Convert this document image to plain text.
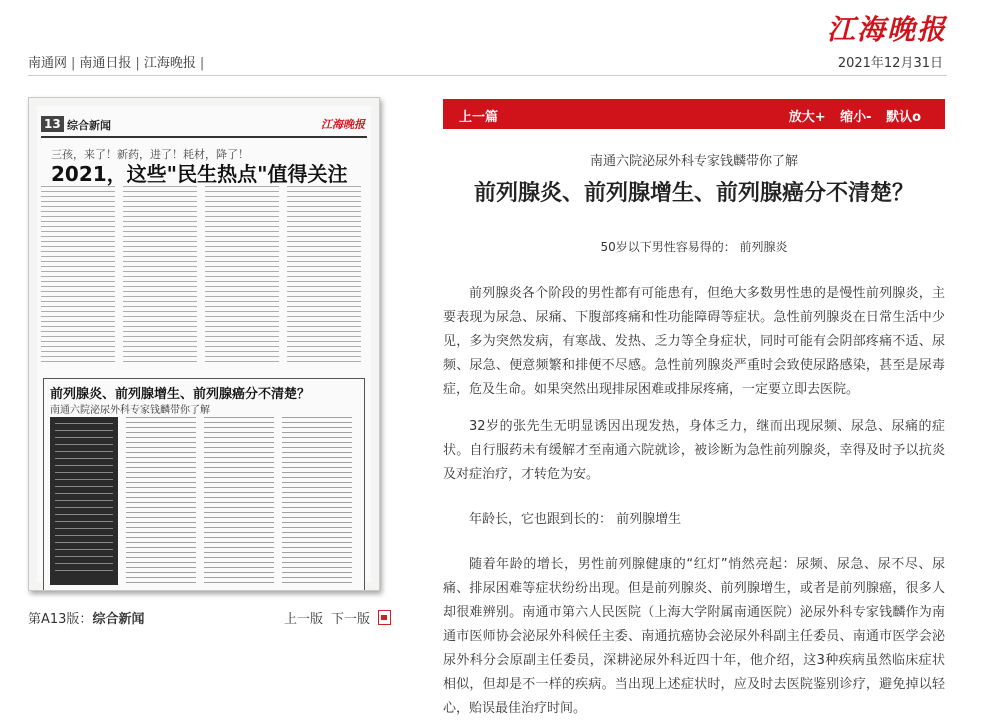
江海晚报
南通网 | 南通日报 | 江海晚报 |	2021年12月31日
13 综合新闻	江海晚报
三孩，来了！新药，进了！耗材，降了！
2021，这些"民生热点"值得关注
前列腺炎、前列腺增生、前列腺癌分不清楚？
南通六院泌尿外科专家钱麟带你了解
第A13版：综合新闻	上一版 下一版
上一篇	放大+ 缩小- 默认o
南通六院泌尿外科专家钱麟带你了解
前列腺炎、前列腺增生、前列腺癌分不清楚？
50岁以下男性容易得的： 前列腺炎

前列腺炎各个阶段的男性都有可能患有，但绝大多数男性患的是慢性前列腺炎，主要表现为尿急、尿痛、下腹部疼痛和性功能障碍等症状。急性前列腺炎在日常生活中少见，多为突然发病，有寒战、发热、乏力等全身症状，同时可能有会阴部疼痛不适、尿频、尿急、便意频繁和排便不尽感。急性前列腺炎严重时会致使尿路感染，甚至是尿毒症，危及生命。如果突然出现排尿困难或排尿疼痛，一定要立即去医院。

32岁的张先生无明显诱因出现发热，身体乏力，继而出现尿频、尿急、尿痛的症状。自行服药未有缓解才至南通六院就诊，被诊断为急性前列腺炎，幸得及时予以抗炎及对症治疗，才转危为安。

年龄长，它也跟到长的： 前列腺增生

随着年龄的增长，男性前列腺健康的“红灯”悄然亮起：尿频、尿急、尿不尽、尿痛、排尿困难等症状纷纷出现。但是前列腺炎、前列腺增生，或者是前列腺癌，很多人却很难辨别。南通市第六人民医院（上海大学附属南通医院）泌尿外科专家钱麟作为南通市医师协会泌尿外科候任主委、南通抗癌协会泌尿外科副主任委员、南通市医学会泌尿外科分会原副主任委员，深耕泌尿外科近四十年，他介绍，这3种疾病虽然临床症状相似，但却是不一样的疾病。当出现上述症状时，应及时去医院鉴别诊疗，避免掉以轻心，贻误最佳治疗时间。
